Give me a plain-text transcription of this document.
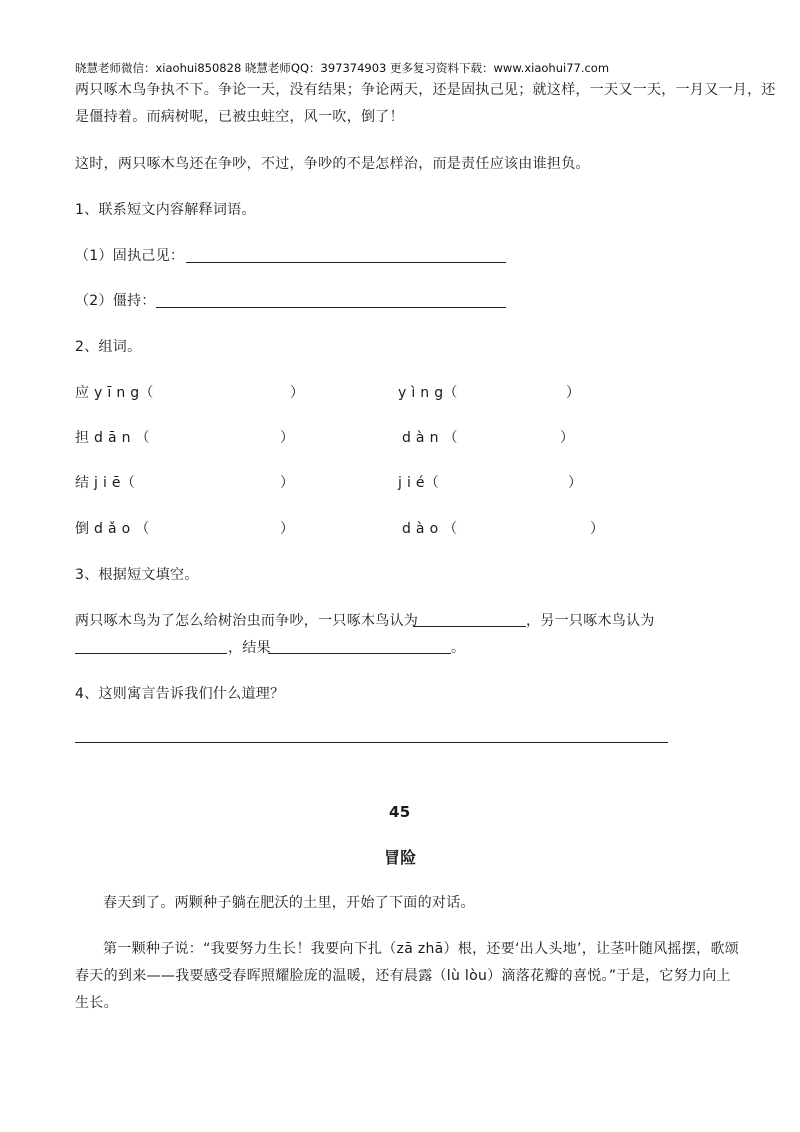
晓慧老师微信：xiaohui850828 晓慧老师QQ：397374903 更多复习资料下载：www.xiaohui77.com
两只啄木鸟争执不下。争论一天，没有结果；争论两天，还是固执己见；就这样，一天又一天，一月又一月，还
是僵持着。而病树呢，已被虫蛀空，风一吹，倒了！
这时，两只啄木鸟还在争吵，不过，争吵的不是怎样治，而是责任应该由谁担负。
1、联系短文内容解释词语。
（1）固执己见：
（2）僵持：
2、组词。
应 y ī n g（	）	y ì n g（	）
担 d ā n （	）	d à n （	）
结 j i ē（	）	j i é（	）
倒 d ǎ o （	）	d à o （	）
3、根据短文填空。
两只啄木鸟为了怎么给树治虫而争吵，一只啄木鸟认为	，另一只啄木鸟认为
，结果	。
4、这则寓言告诉我们什么道理？
45
冒险
春天到了。两颗种子躺在肥沃的土里，开始了下面的对话。
第一颗种子说：“我要努力生长！我要向下扎（zā zhā）根，还要‘出人头地’，让茎叶随风摇摆，歌颂
春天的到来——我要感受春晖照耀脸庞的温暖，还有晨露（lù lòu）滴落花瓣的喜悦。”于是，它努力向上
生长。
